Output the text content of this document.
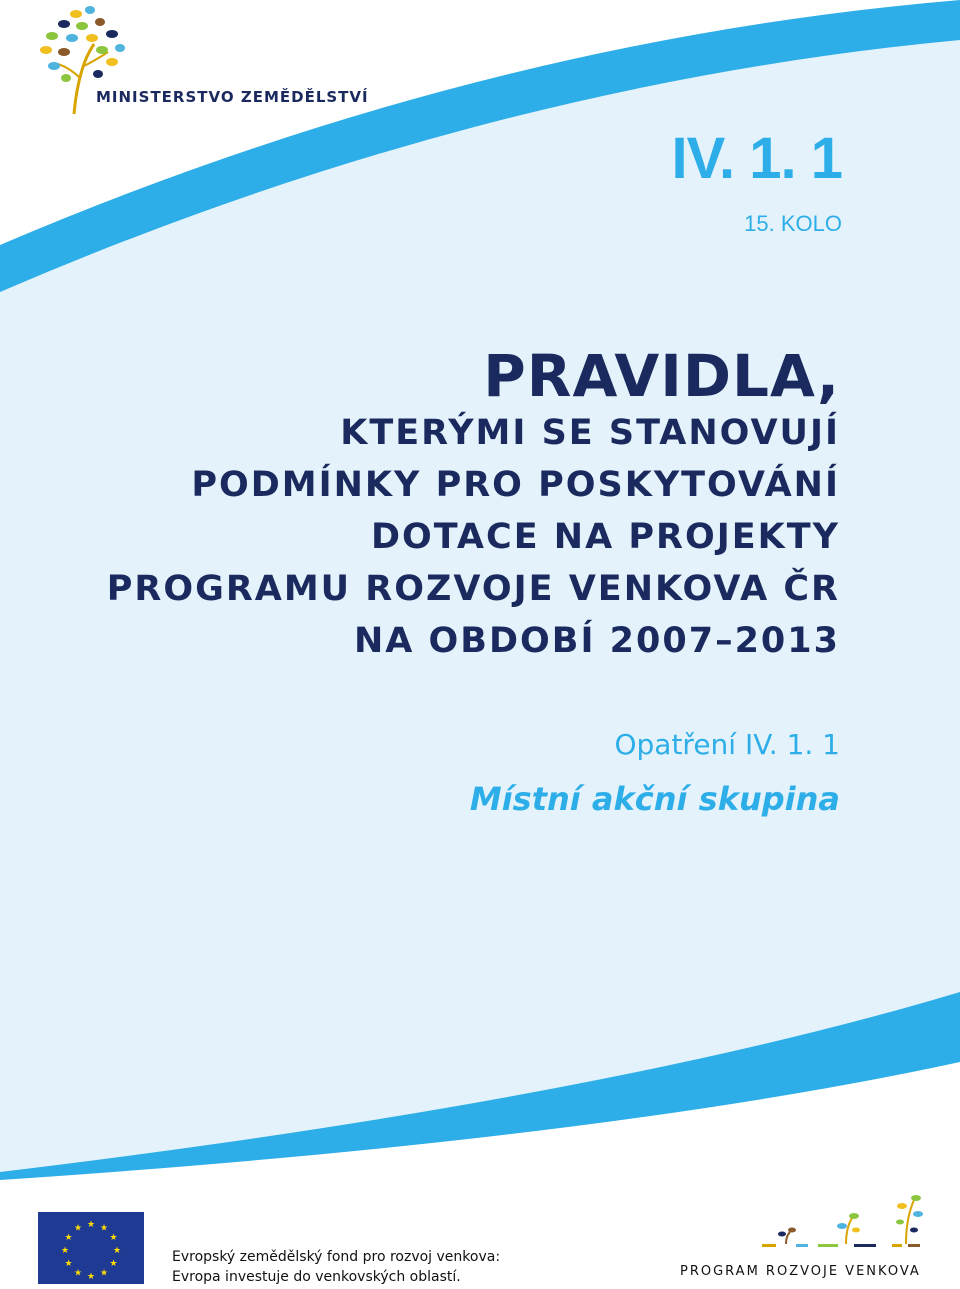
MINISTERSTVO ZEMĚDĚLSTVÍ
IV. 1. 1
15. KOLO

PRAVIDLA,

KTERÝMI SE STANOVUJÍ

PODMÍNKY PRO POSKYTOVÁNÍ

DOTACE NA PROJEKTY

PROGRAMU ROZVOJE VENKOVA ČR

NA OBDOBÍ 2007–2013

Opatření IV. 1. 1
Místní akční skupina
★ ★
★
★
★
★
★
★
★
★
★
★

Evropský zemědělský fond pro rozvoj venkova:

Evropa investuje do venkovských oblastí.	PROGRAM ROZVOJE VENKOVA
